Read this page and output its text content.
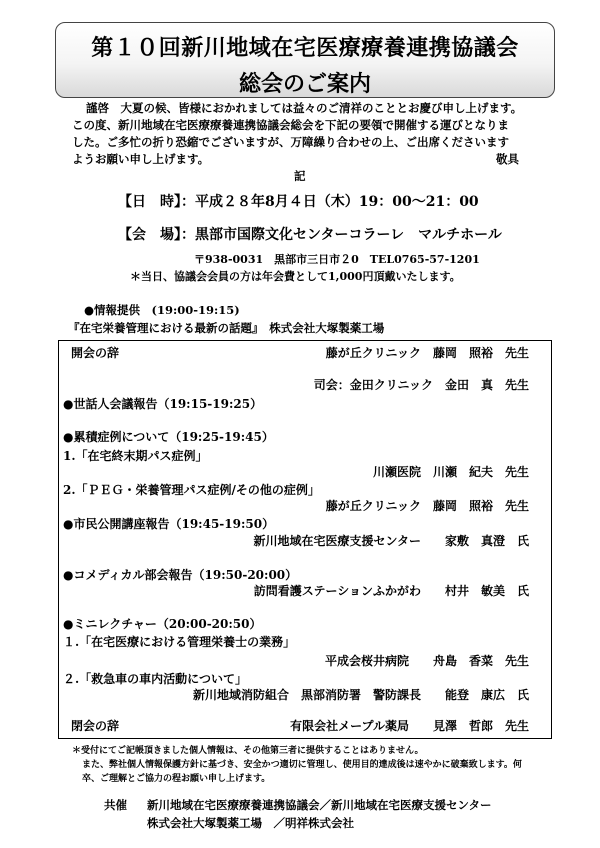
第１０回新川地域在宅医療療養連携協議会
総会のご案内
謹啓　大夏の候、皆様におかれましては益々のご清祥のこととお慶び申し上げます。
この度、新川地域在宅医療療養連携協議会総会を下記の要領で開催する運びとなりま
した。ご多忙の折り恐縮でございますが、万障繰り合わせの上、ご出席くださいます
ようお願い申し上げます。	敬具
記
【日　時】：平成２８年8月４日（木）19：00～21：00
【会　場】：黒部市国際文化センターコラーレ　マルチホール
〒938-0031　黒部市三日市２0　TEL0765-57-1201
＊当日、協議会会員の方は年会費として1,000円頂戴いたします。
●情報提供　(19:00-19:15)
『在宅栄養管理における最新の話題』　株式会社大塚製薬工場
開会の辞	藤が丘クリニック　藤岡　照裕　先生
司会：金田クリニック　金田　真　先生
●世話人会議報告（19:15-19:25）
●累積症例について（19:25-19:45）
1.「在宅終末期パス症例」
川瀬医院　川瀬　紀夫　先生
2.「ＰＥＧ・栄養管理パス症例/その他の症例」
藤が丘クリニック　藤岡　照裕　先生
●市民公開講座報告（19:45-19:50）
新川地域在宅医療支援センター　　家敷　真澄　氏
●コメディカル部会報告（19:50-20:00）
訪問看護ステーションふかがわ　　村井　敏美　氏
●ミニレクチャー（20:00-20:50）
１.「在宅医療における管理栄養士の業務」
平成会桜井病院　　舟島　香菜　先生
２.「救急車の車内活動について」
新川地域消防組合　黒部消防署　警防課長　　能登　康広　氏
閉会の辞	有限会社メープル薬局　　見澤　哲郎　先生
＊受付にてご記帳頂きました個人情報は、その他第三者に提供することはありません。
また、弊社個人情報保護方針に基づき、安全かつ適切に管理し、使用目的達成後は速やかに破棄致します。何
卒、ご理解とご協力の程お願い申し上げます。
共催 新川地域在宅医療療養連携協議会／新川地域在宅医療支援センター
株式会社大塚製薬工場　／明祥株式会社
